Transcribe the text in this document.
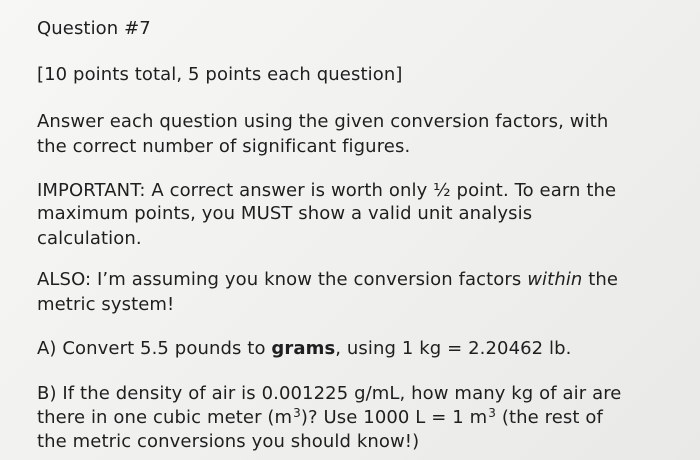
Question #7

[10 points total, 5 points each question]

Answer each question using the given conversion factors, with

the correct number of significant figures.

IMPORTANT: A correct answer is worth only ½ point. To earn the

maximum points, you MUST show a valid unit analysis

calculation.

ALSO: I’m assuming you know the conversion factors within the

metric system!

A) Convert 5.5 pounds to grams, using 1 kg = 2.20462 lb.

B) If the density of air is 0.001225 g/mL, how many kg of air are

there in one cubic meter $(m^3)$? Use 1000 L = 1 $m^3$ (the rest of

the metric conversions you should know!)
